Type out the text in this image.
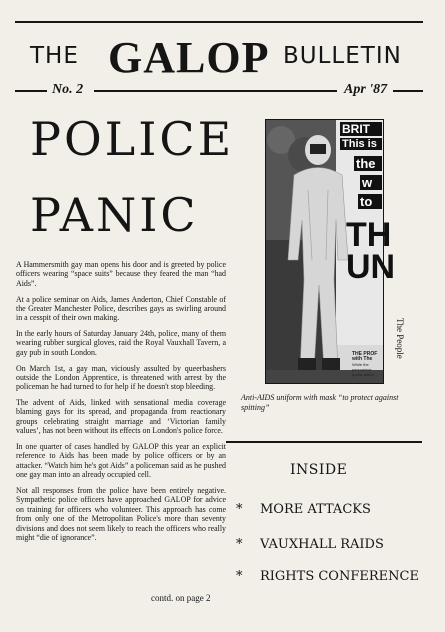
THE GALOP BULLETIN
No. 2	Apr '87
POLICE
PANIC

A Hammersmith gay man opens his door and is greeted by police officers wearing “space suits” because they feared the man “had Aids”.

At a police seminar on Aids, James Anderton, Chief Constable of the Greater Manchester Police, describes gays as swirling around in a cesspit of their own making.

In the early hours of Saturday January 24th, police, many of them wearing rubber surgical gloves, raid the Royal Vauxhall Tavern, a gay pub in south London.

On March 1st, a gay man, viciously assulted by queerbashers outside the London Apprentice, is threatened with arrest by the policeman he had turned to for help if he doesn't stop bleeding.

The advent of Aids, linked with sensational media coverage blaming gays for its spread, and propaganda from reactionary groups celebrating straight marriage and ‘Victorian family values’, has not been without its effects on London's police force.

In one quarter of cases handled by GALOP this year an explicit reference to Aids has been made by police officers or by an attacker. “Watch him he's got Aids” a policeman said as he pushed one gay man into an already occupied cell.

Not all responses from the police have been entirely negative. Sympathetic police officers have approached GALOP for advice on training for officers who volunteer. This approach has come from only one of the Metropolitan Police's more than seventy divisions and does not seem likely to reach the officers who really might “die of ignorance”.

BRIT
This is
the
w
to
TH
UN
THE PROF
with The
While the
persuasive
public about
Anti-AIDS uniform with mask “to protect against spitting”
The People
INSIDE
* MORE ATTACKS
* VAUXHALL RAIDS
* RIGHTS CONFERENCE
contd. on page 2
